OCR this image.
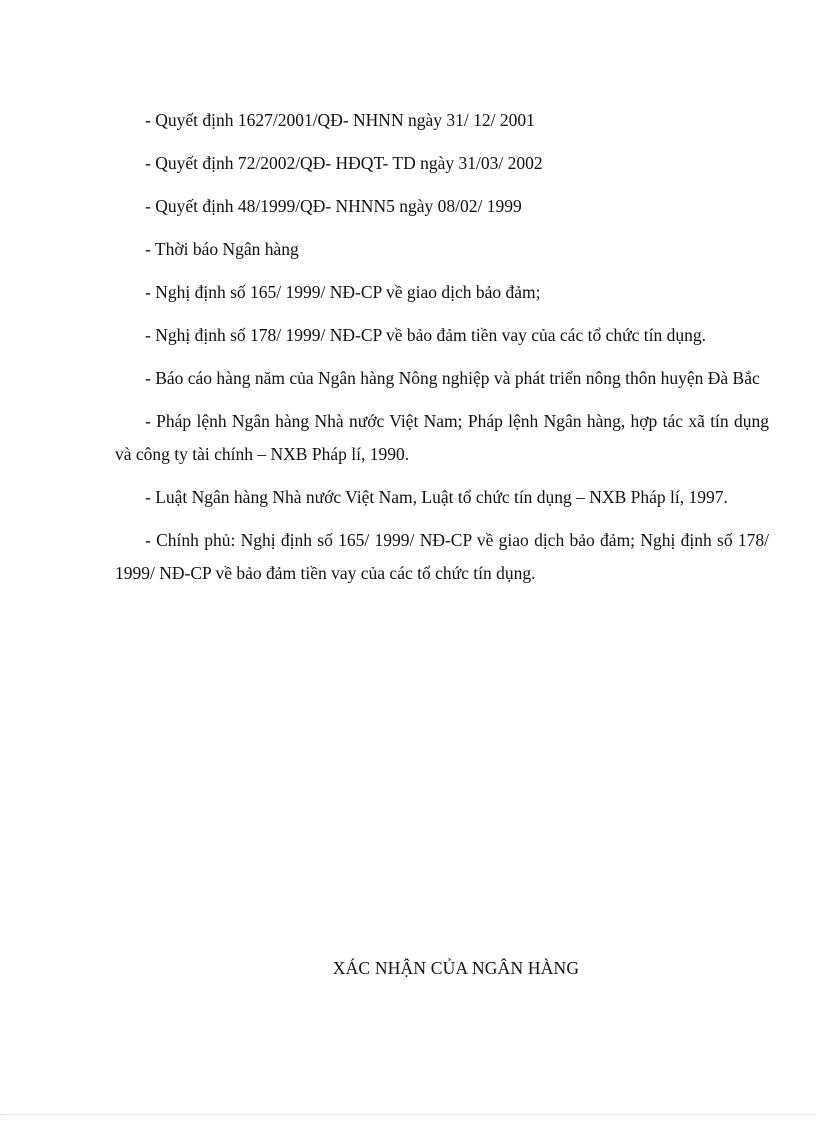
- Quyết định 1627/2001/QĐ- NHNN ngày 31/ 12/ 2001

- Quyết định 72/2002/QĐ- HĐQT- TD ngày 31/03/ 2002

- Quyết định 48/1999/QĐ- NHNN5 ngày 08/02/ 1999

- Thời báo Ngân hàng

- Nghị định số 165/ 1999/ NĐ-CP về giao dịch bảo đảm;

- Nghị định số 178/ 1999/ NĐ-CP về bảo đảm tiền vay của các tổ chức tín dụng.

- Báo cáo hàng năm của Ngân hàng Nông nghiệp và phát triển nông thôn huyện Đà Bắc

- Pháp lệnh Ngân hàng Nhà nước Việt Nam; Pháp lệnh Ngân hàng, hợp tác xã tín dụng và công ty tài chính – NXB Pháp lí, 1990.

- Luật Ngân hàng Nhà nước Việt Nam, Luật tổ chức tín dụng – NXB Pháp lí, 1997.

- Chính phủ: Nghị định số 165/ 1999/ NĐ-CP về giao dịch bảo đảm; Nghị định số 178/ 1999/ NĐ-CP về bảo đảm tiền vay của các tổ chức tín dụng.

XÁC NHẬN CỦA NGÂN HÀNG
